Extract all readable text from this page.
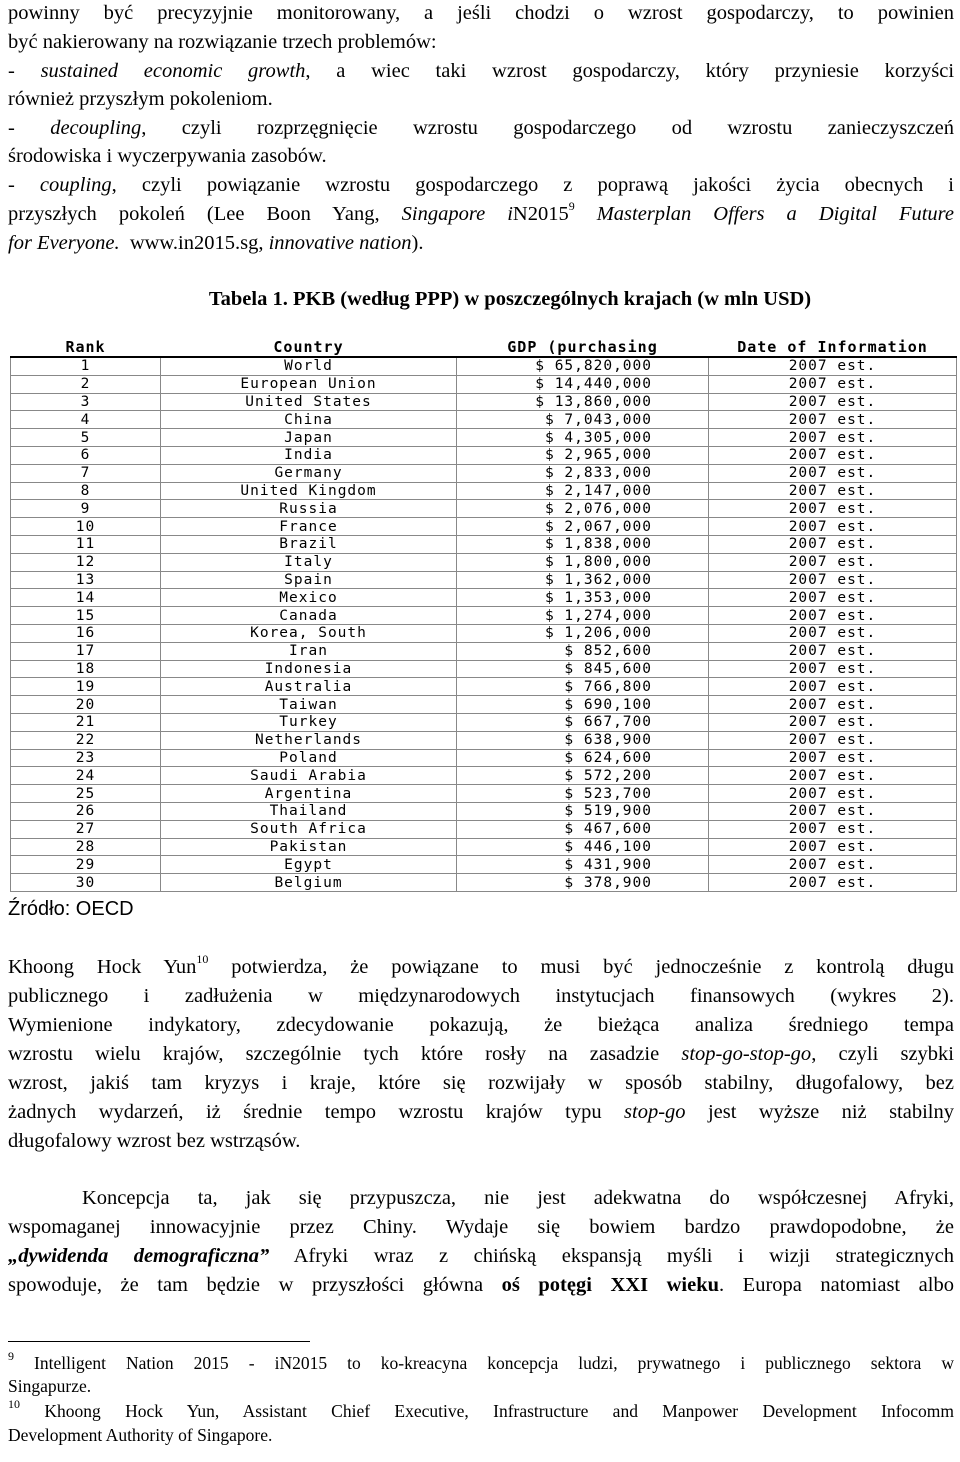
powinny być precyzyjnie monitorowany, a jeśli chodzi o wzrost gospodarczy, to powinien
być nakierowany na rozwiązanie trzech problemów:
- sustained economic growth, a wiec taki wzrost gospodarczy, który przyniesie korzyści
również przyszłym pokoleniom.
- decoupling, czyli rozprzęgnięcie wzrostu gospodarczego od wzrostu zanieczyszczeń
środowiska i wyczerpywania zasobów.
- coupling, czyli powiązanie wzrostu gospodarczego z poprawą jakości życia obecnych i
przyszłych pokoleń (Lee Boon Yang, Singapore iN2015$^9$ Masterplan Offers a Digital Future
for Everyone.  www.in2015.sg, innovative nation).
Tabela 1. PKB (według PPP) w poszczególnych krajach (w mln USD)
Rank	Country	GDP (purchasing	Date of Information
1	World	$ 65,820,000	2007 est.
2	European Union	$ 14,440,000	2007 est.
3	United States	$ 13,860,000	2007 est.
4	China	$ 7,043,000	2007 est.
5	Japan	$ 4,305,000	2007 est.
6	India	$ 2,965,000	2007 est.
7	Germany	$ 2,833,000	2007 est.
8	United Kingdom	$ 2,147,000	2007 est.
9	Russia	$ 2,076,000	2007 est.
10	France	$ 2,067,000	2007 est.
11	Brazil	$ 1,838,000	2007 est.
12	Italy	$ 1,800,000	2007 est.
13	Spain	$ 1,362,000	2007 est.
14	Mexico	$ 1,353,000	2007 est.
15	Canada	$ 1,274,000	2007 est.
16	Korea, South	$ 1,206,000	2007 est.
17	Iran	$ 852,600	2007 est.
18	Indonesia	$ 845,600	2007 est.
19	Australia	$ 766,800	2007 est.
20	Taiwan	$ 690,100	2007 est.
21	Turkey	$ 667,700	2007 est.
22	Netherlands	$ 638,900	2007 est.
23	Poland	$ 624,600	2007 est.
24	Saudi Arabia	$ 572,200	2007 est.
25	Argentina	$ 523,700	2007 est.
26	Thailand	$ 519,900	2007 est.
27	South Africa	$ 467,600	2007 est.
28	Pakistan	$ 446,100	2007 est.
29	Egypt	$ 431,900	2007 est.
30	Belgium	$ 378,900	2007 est.
Źródło: OECD
Khoong Hock Yun$^{10}$ potwierdza, że powiązane to musi być jednocześnie z kontrolą długu
publicznego i zadłużenia w międzynarodowych instytucjach finansowych (wykres 2).
Wymienione indykatory, zdecydowanie pokazują, że bieżąca analiza średniego tempa
wzrostu wielu krajów, szczególnie tych które rosły na zasadzie stop-go-stop-go, czyli szybki
wzrost, jakiś tam kryzys i kraje, które się rozwijały w sposób stabilny, długofalowy, bez
żadnych wydarzeń, iż średnie tempo wzrostu krajów typu stop-go jest wyższe niż stabilny
długofalowy wzrost bez wstrząsów.
Koncepcja ta, jak się przypuszcza, nie jest adekwatna do współczesnej Afryki,
wspomaganej innowacyjnie przez Chiny. Wydaje się bowiem bardzo prawdopodobne, że
„dywidenda demograficzna” Afryki wraz z chińską ekspansją myśli i wizji strategicznych
spowoduje, że tam będzie w przyszłości główna oś potęgi XXI wieku. Europa natomiast albo
$^9$ Intelligent Nation 2015 - iN2015 to ko-kreacyna koncepcja ludzi, prywatnego i publicznego sektora w
Singapurze.
$^{10}$ Khoong Hock Yun, Assistant Chief Executive, Infrastructure and Manpower Development Infocomm
Development Authority of Singapore.
